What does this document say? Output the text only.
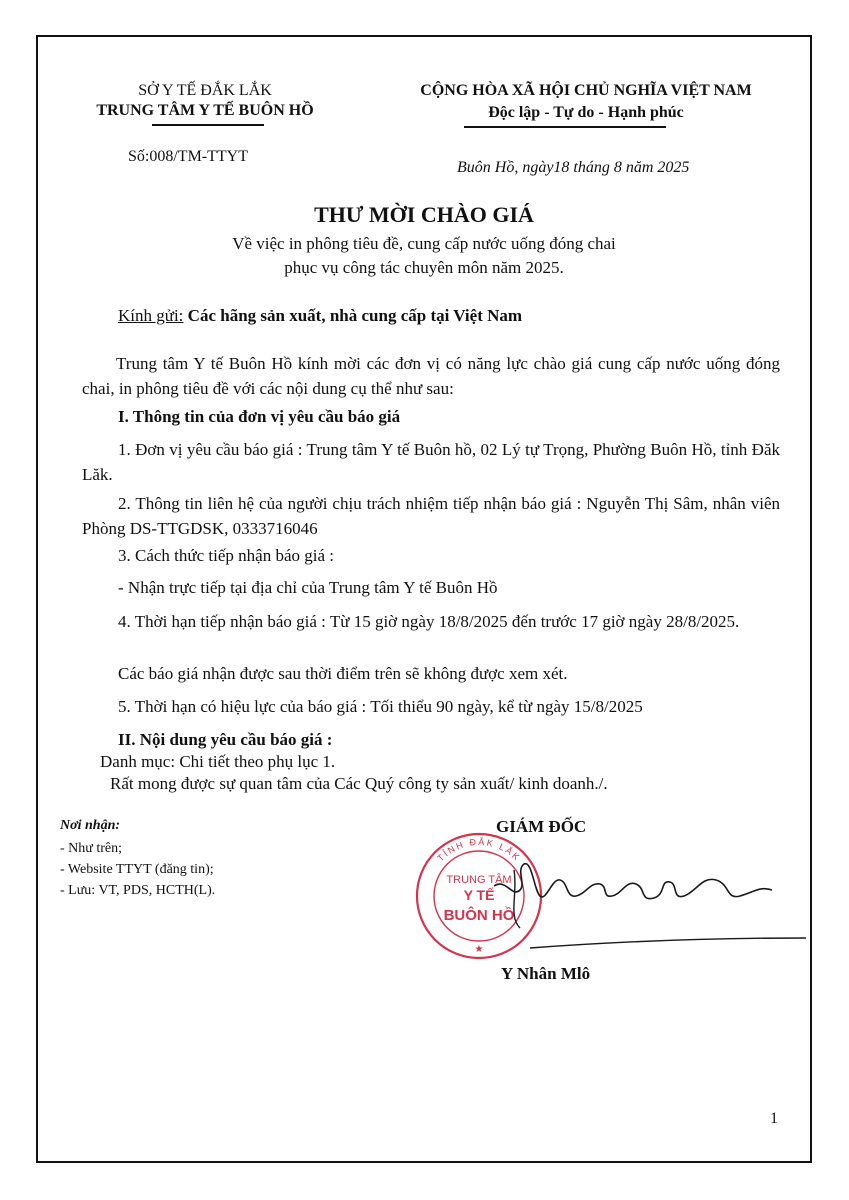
SỞ Y TẾ ĐẮK LẮK
TRUNG TÂM Y TẾ BUÔN HỒ
CỘNG HÒA XÃ HỘI CHỦ NGHĨA VIỆT NAM
Độc lập - Tự do - Hạnh phúc
Số:008/TM-TTYT
Buôn Hồ, ngày18 tháng 8 năm 2025
THƯ MỜI CHÀO GIÁ
Về việc in phông tiêu đề, cung cấp nước uống đóng chai
phục vụ công tác chuyên môn năm 2025.
Kính gửi: Các hãng sản xuất, nhà cung cấp tại Việt Nam
Trung tâm Y tế Buôn Hồ kính mời các đơn vị có năng lực chào giá cung cấp nước uống đóng chai, in phông tiêu đề với các nội dung cụ thể như sau:
I. Thông tin của đơn vị yêu cầu báo giá
1. Đơn vị yêu cầu báo giá : Trung tâm Y tế Buôn hồ, 02 Lý tự Trọng, Phường Buôn Hồ, tỉnh Đăk Lăk.
2. Thông tin liên hệ của người chịu trách nhiệm tiếp nhận báo giá : Nguyễn Thị Sâm, nhân viên Phòng DS-TTGDSK, 0333716046
3. Cách thức tiếp nhận báo giá :
- Nhận trực tiếp tại địa chỉ của Trung tâm Y tế Buôn Hồ
4. Thời hạn tiếp nhận báo giá : Từ 15 giờ ngày 18/8/2025 đến trước 17 giờ ngày 28/8/2025.
Các báo giá nhận được sau thời điểm trên sẽ không được xem xét.
5. Thời hạn có hiệu lực của báo giá : Tối thiểu 90 ngày, kể từ ngày 15/8/2025
II. Nội dung yêu cầu báo giá :
Danh mục: Chi tiết theo phụ lục 1.
Rất mong được sự quan tâm của Các Quý công ty sản xuất/ kinh doanh./.
Nơi nhận:
- Như trên;
- Website TTYT (đăng tin);
- Lưu: VT, PDS, HCTH(L).
GIÁM ĐỐC
TỈNH ĐẮK LẮK
TRUNG TÂM
Y TẾ
BUÔN HỒ
★
Y Nhân Mlô
1
